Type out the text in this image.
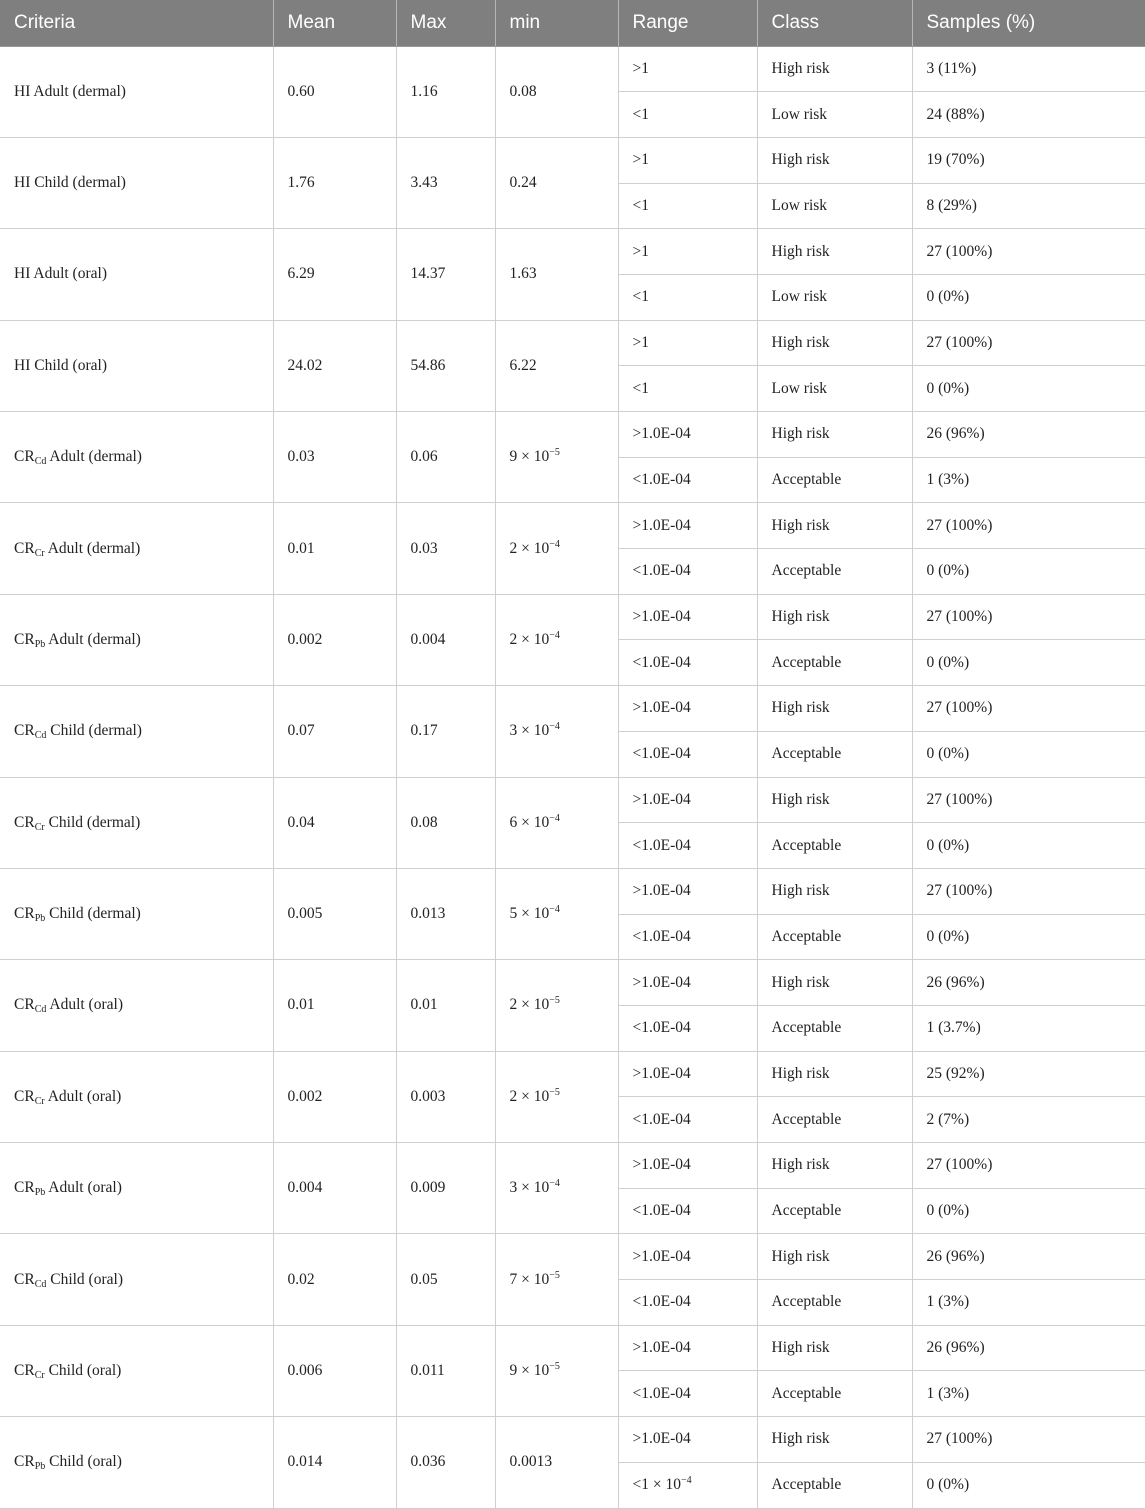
Criteria	Mean	Max	min	Range	Class	Samples (%)
HI Adult (dermal)	0.60	1.16	0.08	>1	High risk	3 (11%)
				<1	Low risk	24 (88%)
HI Child (dermal)	1.76	3.43	0.24	>1	High risk	19 (70%)
				<1	Low risk	8 (29%)
HI Adult (oral)	6.29	14.37	1.63	>1	High risk	27 (100%)
				<1	Low risk	0 (0%)
HI Child (oral)	24.02	54.86	6.22	>1	High risk	27 (100%)
				<1	Low risk	0 (0%)
$CR_{Cd}$ Adult (dermal)	0.03	0.06	$9 \times 10^{-5}$	>1.0E-04	High risk	26 (96%)
				<1.0E-04	Acceptable	1 (3%)
$CR_{Cr}$ Adult (dermal)	0.01	0.03	$2 \times 10^{-4}$	>1.0E-04	High risk	27 (100%)
				<1.0E-04	Acceptable	0 (0%)
$CR_{Pb}$ Adult (dermal)	0.002	0.004	$2 \times 10^{-4}$	>1.0E-04	High risk	27 (100%)
				<1.0E-04	Acceptable	0 (0%)
$CR_{Cd}$ Child (dermal)	0.07	0.17	$3 \times 10^{-4}$	>1.0E-04	High risk	27 (100%)
				<1.0E-04	Acceptable	0 (0%)
$CR_{Cr}$ Child (dermal)	0.04	0.08	$6 \times 10^{-4}$	>1.0E-04	High risk	27 (100%)
				<1.0E-04	Acceptable	0 (0%)
$CR_{Pb}$ Child (dermal)	0.005	0.013	$5 \times 10^{-4}$	>1.0E-04	High risk	27 (100%)
				<1.0E-04	Acceptable	0 (0%)
$CR_{Cd}$ Adult (oral)	0.01	0.01	$2 \times 10^{-5}$	>1.0E-04	High risk	26 (96%)
				<1.0E-04	Acceptable	1 (3.7%)
$CR_{Cr}$ Adult (oral)	0.002	0.003	$2 \times 10^{-5}$	>1.0E-04	High risk	25 (92%)
				<1.0E-04	Acceptable	2 (7%)
$CR_{Pb}$ Adult (oral)	0.004	0.009	$3 \times 10^{-4}$	>1.0E-04	High risk	27 (100%)
				<1.0E-04	Acceptable	0 (0%)
$CR_{Cd}$ Child (oral)	0.02	0.05	$7 \times 10^{-5}$	>1.0E-04	High risk	26 (96%)
				<1.0E-04	Acceptable	1 (3%)
$CR_{Cr}$ Child (oral)	0.006	0.011	$9 \times 10^{-5}$	>1.0E-04	High risk	26 (96%)
				<1.0E-04	Acceptable	1 (3%)
$CR_{Pb}$ Child (oral)	0.014	0.036	0.0013	>1.0E-04	High risk	27 (100%)
				$<1 \times 10^{-4}$	Acceptable	0 (0%)
